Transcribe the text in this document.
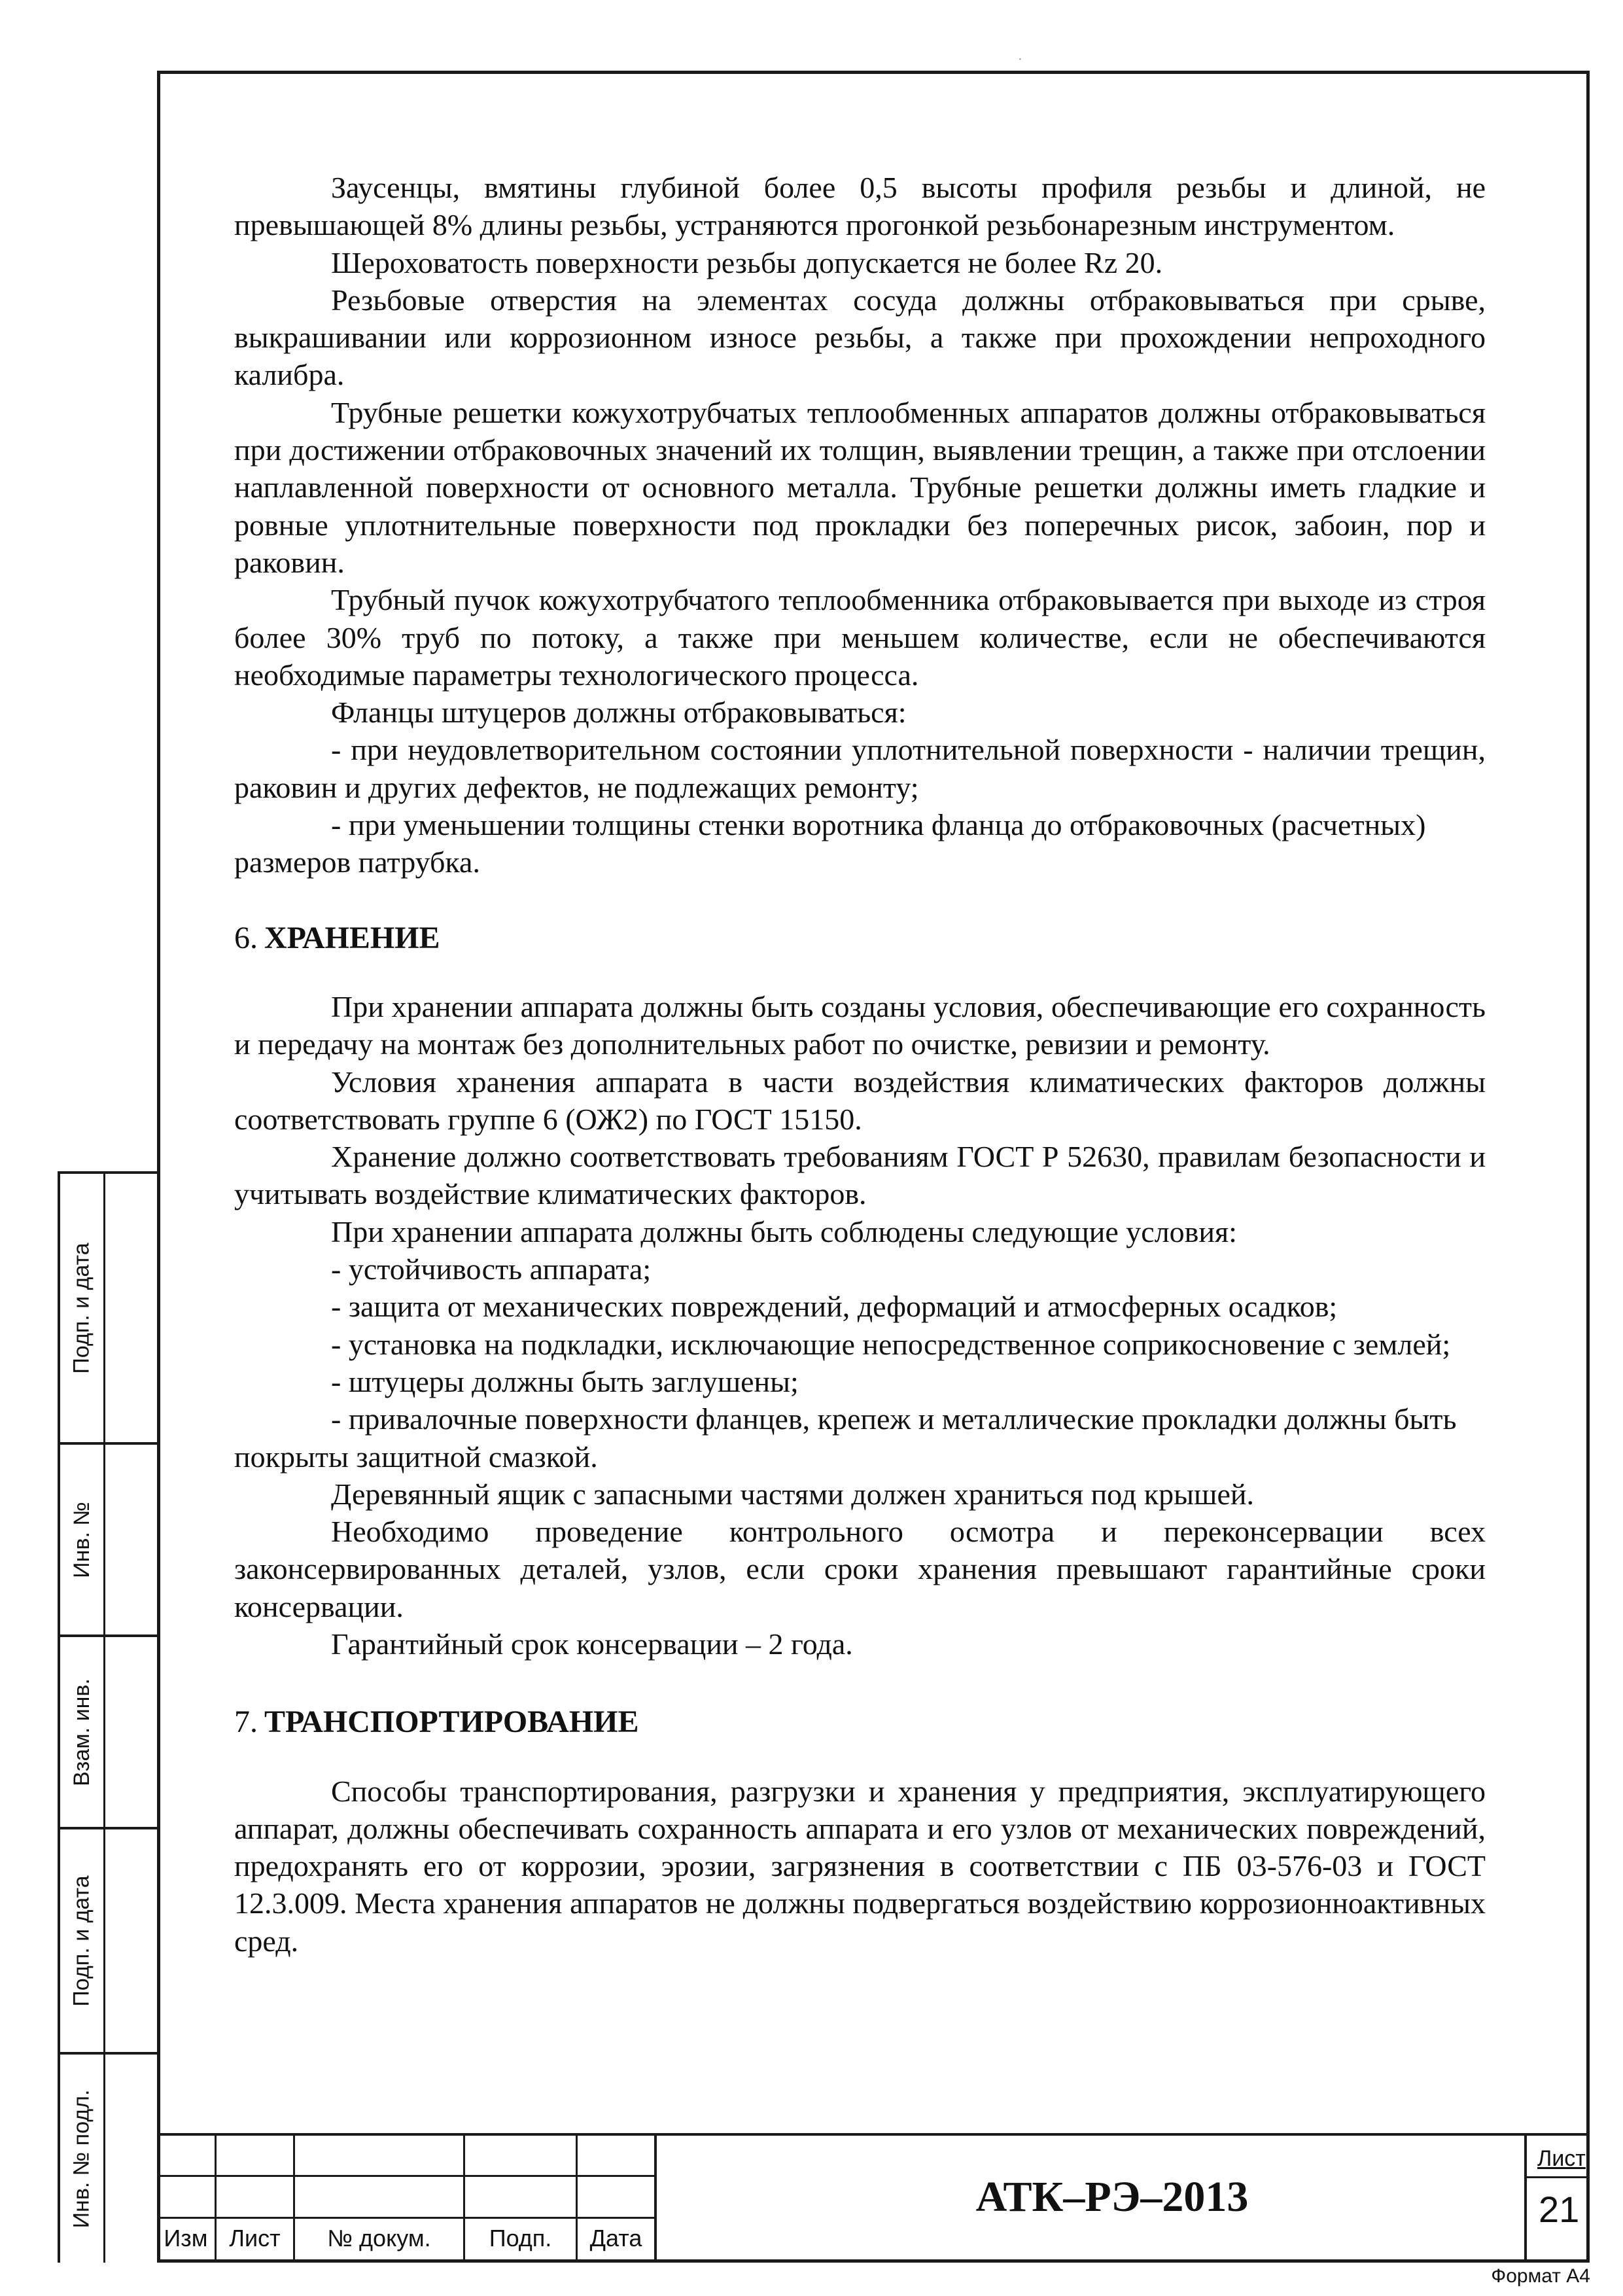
·

Заусенцы, вмятины глубиной более 0,5 высоты профиля резьбы и длиной, не превышающей 8% длины резьбы, устраняются прогонкой резьбонарезным инструментом.

Шероховатость поверхности резьбы допускается не более Rz 20.

Резьбовые отверстия на элементах сосуда должны отбраковываться при срыве, выкрашивании или коррозионном износе резьбы, а также при прохождении непроходного калибра.

Трубные решетки кожухотрубчатых теплообменных аппаратов должны отбраковываться при достижении отбраковочных значений их толщин, выявлении трещин, а также при отслоении наплавленной поверхности от основного металла. Трубные решетки должны иметь гладкие и ровные уплотнительные поверхности под прокладки без поперечных рисок, забоин, пор и раковин.

Трубный пучок кожухотрубчатого теплообменника отбраковывается при выходе из строя более 30% труб по потоку, а также при меньшем количестве, если не обеспечиваются необходимые параметры технологического процесса.

Фланцы штуцеров должны отбраковываться:

- при неудовлетворительном состоянии уплотнительной поверхности - наличии трещин, раковин и других дефектов, не подлежащих ремонту;

- при уменьшении толщины стенки воротника фланца до отбраковочных (расчетных) размеров патрубка.

6. ХРАНЕНИЕ

При хранении аппарата должны быть созданы условия, обеспечивающие его сохранность и передачу на монтаж без дополнительных работ по очистке, ревизии и ремонту.

Условия хранения аппарата в части воздействия климатических факторов должны соответствовать группе 6 (ОЖ2) по ГОСТ 15150.

Хранение должно соответствовать требованиям ГОСТ Р 52630, правилам безопасности и учитывать воздействие климатических факторов.

При хранении аппарата должны быть соблюдены следующие условия:

- устойчивость аппарата;

- защита от механических повреждений, деформаций и атмосферных осадков;

- установка на подкладки, исключающие непосредственное соприкосновение с землей;

- штуцеры должны быть заглушены;

- привалочные поверхности фланцев, крепеж и металлические прокладки должны быть покрыты защитной смазкой.

Деревянный ящик с запасными частями должен храниться под крышей.

Необходимо проведение контрольного осмотра и переконсервации всех законсервированных деталей, узлов, если сроки хранения превышают гарантийные сроки консервации.

Гарантийный срок консервации – 2 года.

7. ТРАНСПОРТИРОВАНИЕ

Способы транспортирования, разгрузки и хранения у предприятия, эксплуатирующего аппарат, должны обеспечивать сохранность аппарата и его узлов от механических повреждений, предохранять его от коррозии, эрозии, загрязнения в соответствии с ПБ 03-576-03 и ГОСТ 12.3.009. Места хранения аппаратов не должны подвергаться воздействию коррозионноактивных сред.

Подп. и дата
Инв. №
Взам. инв.
Подп. и дата
Инв. № подл.
Изм Лист	№ докум.	Подп.	Дата
АТК–РЭ–2013
Лист
21
Формат А4
